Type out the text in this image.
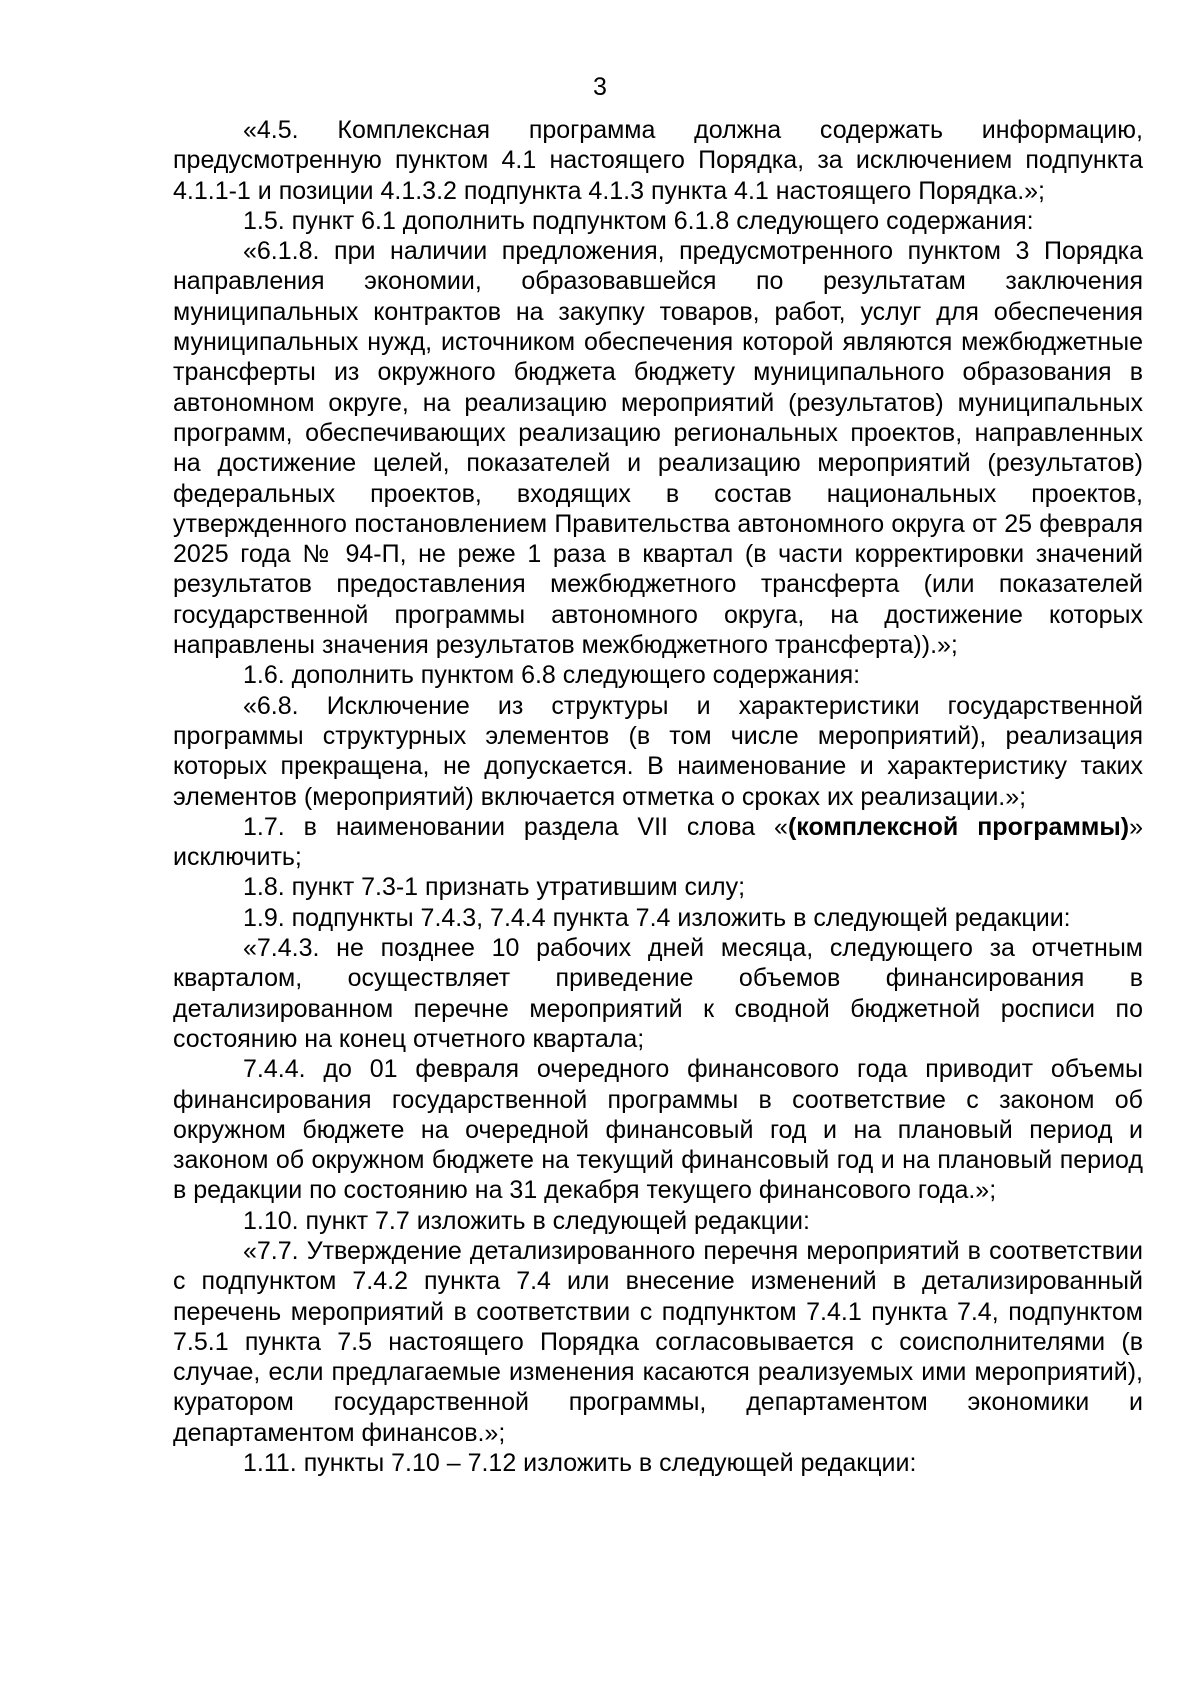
3

«4.5. Комплексная программа должна содержать информацию, предусмотренную пунктом 4.1 настоящего Порядка, за исключением подпункта 4.1.1-1 и позиции 4.1.3.2 подпункта 4.1.3 пункта 4.1 настоящего Порядка.»;

1.5. пункт 6.1 дополнить подпунктом 6.1.8 следующего содержания:

«6.1.8. при наличии предложения, предусмотренного пунктом 3 Порядка направления экономии, образовавшейся по результатам заключения муниципальных контрактов на закупку товаров, работ, услуг для обеспечения муниципальных нужд, источником обеспечения которой являются межбюджетные трансферты из окружного бюджета бюджету муниципального образования в автономном округе, на реализацию мероприятий (результатов) муниципальных программ, обеспечивающих реализацию региональных проектов, направленных на достижение целей, показателей и реализацию мероприятий (результатов) федеральных проектов, входящих в состав национальных проектов, утвержденного постановлением Правительства автономного округа от 25 февраля 2025 года № 94-П, не реже 1 раза в квартал (в части корректировки значений результатов предоставления межбюджетного трансферта (или показателей государственной программы автономного округа, на достижение которых направлены значения результатов межбюджетного трансферта)).»;

1.6. дополнить пунктом 6.8 следующего содержания:

«6.8. Исключение из структуры и характеристики государственной программы структурных элементов (в том числе мероприятий), реализация которых прекращена, не допускается. В наименование и характеристику таких элементов (мероприятий) включается отметка о сроках их реализации.»;

1.7. в наименовании раздела VII слова «(комплексной программы)» исключить;

1.8. пункт 7.3-1 признать утратившим силу;

1.9. подпункты 7.4.3, 7.4.4 пункта 7.4 изложить в следующей редакции:

«7.4.3. не позднее 10 рабочих дней месяца, следующего за отчетным кварталом, осуществляет приведение объемов финансирования в детализированном перечне мероприятий к сводной бюджетной росписи по состоянию на конец отчетного квартала;

7.4.4. до 01 февраля очередного финансового года приводит объемы финансирования государственной программы в соответствие с законом об окружном бюджете на очередной финансовый год и на плановый период и законом об окружном бюджете на текущий финансовый год и на плановый период в редакции по состоянию на 31 декабря текущего финансового года.»;

1.10. пункт 7.7 изложить в следующей редакции:

«7.7. Утверждение детализированного перечня мероприятий в соответствии с подпунктом 7.4.2 пункта 7.4 или внесение изменений в детализированный перечень мероприятий в соответствии с подпунктом 7.4.1 пункта 7.4, подпунктом 7.5.1 пункта 7.5 настоящего Порядка согласовывается с соисполнителями (в случае, если предлагаемые изменения касаются реализуемых ими мероприятий), куратором государственной программы, департаментом экономики и департаментом финансов.»;

1.11. пункты 7.10 – 7.12 изложить в следующей редакции:
